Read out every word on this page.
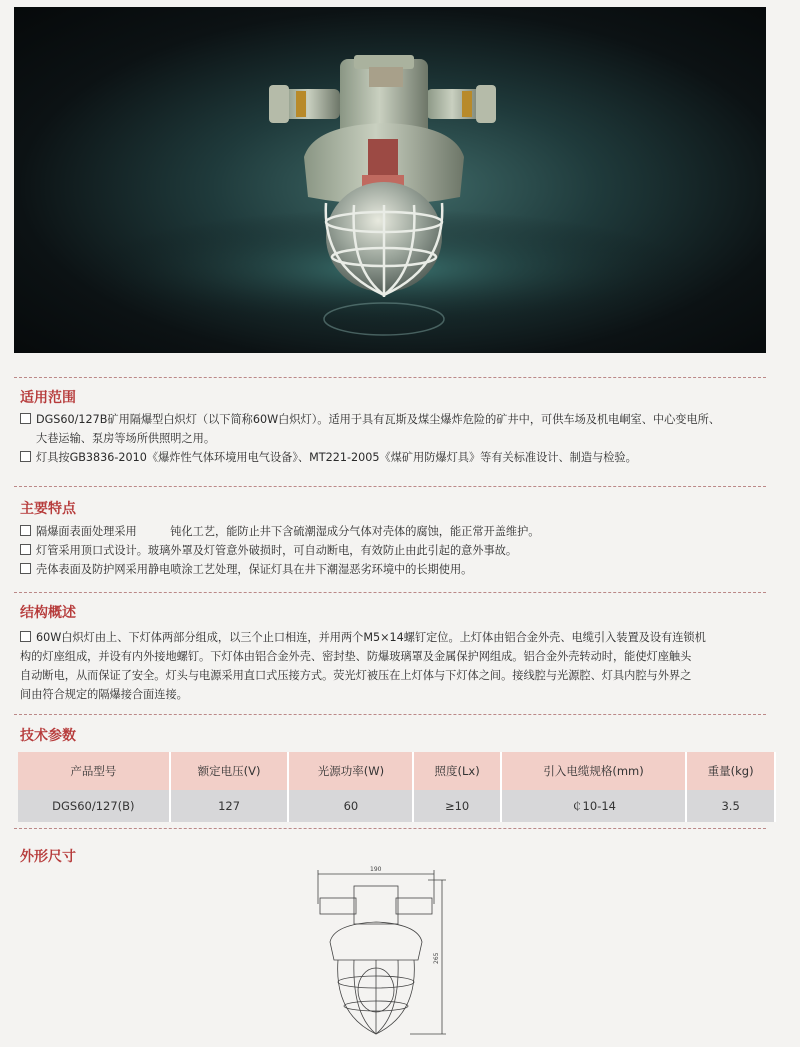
适用范围
DGS60/127B矿用隔爆型白炽灯（以下简称60W白炽灯）。适用于具有瓦斯及煤尘爆炸危险的矿井中，可供车场及机电峒室、中心变电所、
大巷运输、泵房等场所供照明之用。
灯具按GB3836-2010《爆炸性气体环境用电气设备》、MT221-2005《煤矿用防爆灯具》等有关标准设计、制造与检验。
主要特点
隔爆面表面处理采用　　　钝化工艺，能防止井下含硫潮湿成分气体对壳体的腐蚀，能正常开盖维护。
灯管采用顶口式设计。玻璃外罩及灯管意外破损时，可自动断电，有效防止由此引起的意外事故。
壳体表面及防护网采用静电喷涂工艺处理，保证灯具在井下潮湿恶劣环境中的长期使用。
结构概述
60W白炽灯由上、下灯体两部分组成，以三个止口相连，并用两个M5×14螺钉定位。上灯体由铝合金外壳、电缆引入装置及设有连锁机
构的灯座组成，并设有内外接地螺钉。下灯体由铝合金外壳、密封垫、防爆玻璃罩及金属保护网组成。铝合金外壳转动时，能使灯座触头
自动断电，从而保证了安全。灯头与电源采用直口式压接方式。荧光灯被压在上灯体与下灯体之间。接线腔与光源腔、灯具内腔与外界之
间由符合规定的隔爆接合面连接。
技术参数
产品型号	额定电压(V)	光源功率(W)	照度(Lx)	引入电缆规格(mm)	重量(kg)
DGS60/127(B)	127	60	≥10	￠10-14	3.5
外形尺寸
190
265
